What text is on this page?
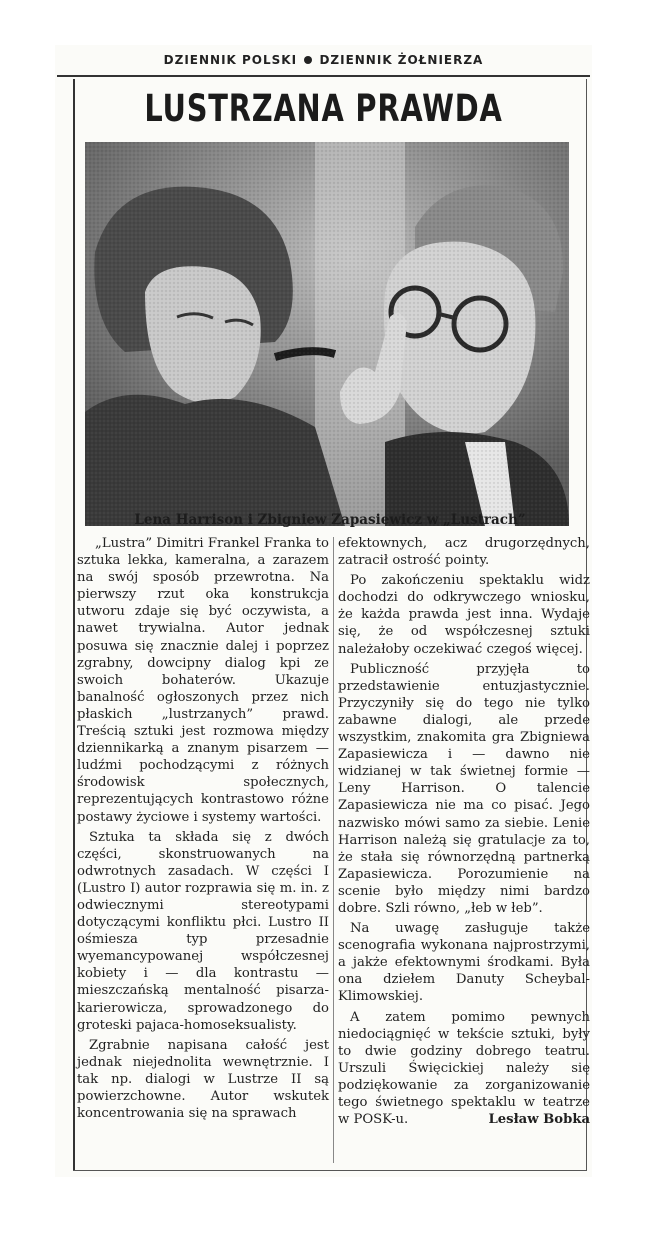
DZIENNIK POLSKI DZIENNIK ŻOŁNIERZA
LUSTRZANA PRAWDA
Lena Harrison i Zbigniew Zapasiewicz w „Lustrach”

„Lustra” Dimitri Frankel Franka to sztuka lekka, kameralna, a zarazem na swój sposób przewrotna. Na pierwszy rzut oka konstrukcja utworu zdaje się być oczywista, a nawet trywialna. Autor jednak posuwa się znacznie dalej i poprzez zgrabny, dowcipny dialog kpi ze swoich bohaterów. Ukazuje banalność ogłoszonych przez nich płaskich „lustrzanych” prawd. Treścią sztuki jest rozmowa między dziennikarką a znanym pisarzem — ludźmi pochodzącymi z różnych środowisk społecznych, reprezentujących kontrastowo różne postawy życiowe i systemy wartości.

Sztuka ta składa się z dwóch części, skonstruowanych na odwrotnych zasadach. W części I (Lustro I) autor rozprawia się m. in. z odwiecznymi stereotypami dotyczącymi konfliktu płci. Lustro II ośmiesza typ przesadnie wyemancypowanej współczesnej kobiety i — dla kontrastu — mieszczańską mentalność pisarza-karierowicza, sprowadzonego do groteski pajaca-homoseksualisty.

Zgrabnie napisana całość jest jednak niejednolita wewnętrznie. I tak np. dialogi w Lustrze II są powierzchowne. Autor wskutek koncentrowania się na sprawach

efektownych, acz drugorzędnych, zatracił ostrość pointy.

Po zakończeniu spektaklu widz dochodzi do odkrywczego wniosku, że każda prawda jest inna. Wydaje się, że od współczesnej sztuki należałoby oczekiwać czegoś więcej.

Publiczność przyjęła to przedstawienie entuzjastycznie. Przyczyniły się do tego nie tylko zabawne dialogi, ale przede wszystkim, znakomita gra Zbigniewa Zapasiewicza i — dawno nie widzianej w tak świetnej formie — Leny Harrison. O talencie Zapasiewicza nie ma co pisać. Jego nazwisko mówi samo za siebie. Lenie Harrison należą się gratulacje za to, że stała się równorzędną partnerką Zapasiewicza. Porozumienie na scenie było między nimi bardzo dobre. Szli równo, „łeb w łeb”.

Na uwagę zasługuje także scenografia wykonana najprostrzymi, a jakże efektownymi środkami. Była ona dziełem Danuty Scheybal-Klimowskiej.

A zatem pomimo pewnych niedociągnięć w tekście sztuki, były to dwie godziny dobrego teatru. Urszuli Święcickiej należy się podziękowanie za zorganizowanie tego świetnego spektaklu w teatrze w POSK-u.	Lesław Bobka
